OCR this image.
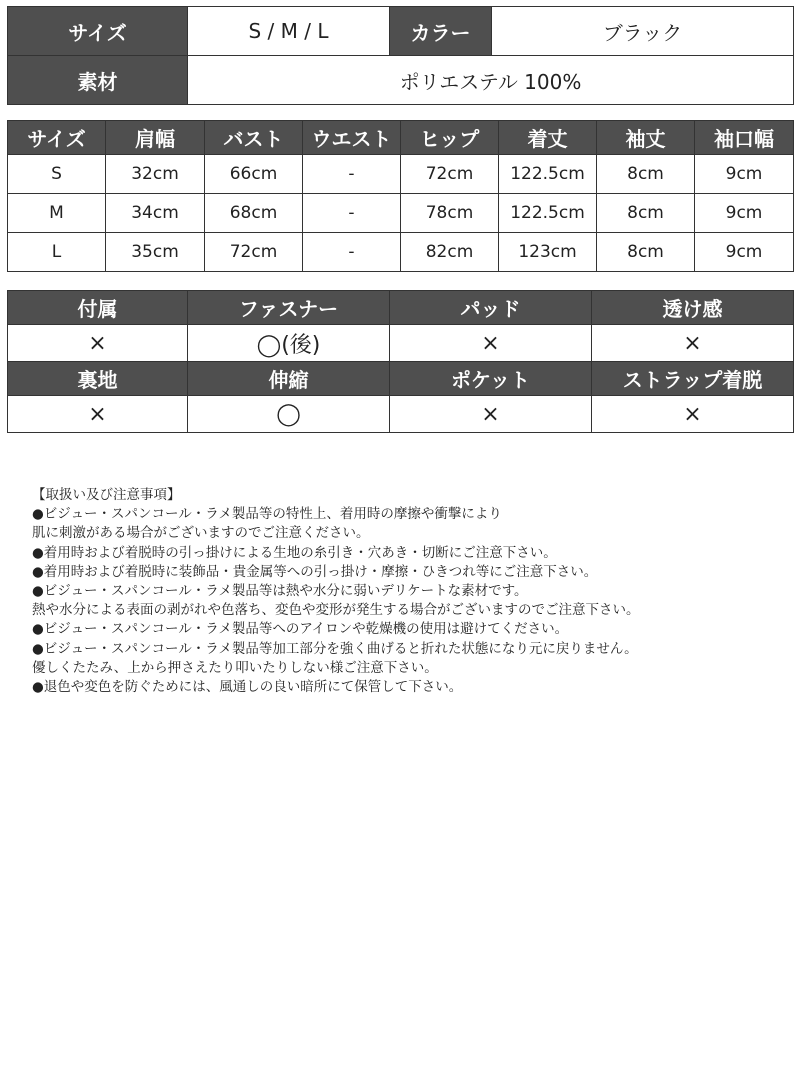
サイズ	S / M / L	カラー	ブラック
素材	ポリエステル 100%		
サイズ	肩幅	バスト	ウエスト	ヒップ	着丈	袖丈	袖口幅
S	32cm	66cm	-	72cm	122.5cm	8cm	9cm
M	34cm	68cm	-	78cm	122.5cm	8cm	9cm
L	35cm	72cm	-	82cm	123cm	8cm	9cm
付属	ファスナー	パッド	透け感
×	◯(後)	×	×
裏地	伸縮	ポケット	ストラップ着脱
×	◯	×	×
【取扱い及び注意事項】
●ビジュー・スパンコール・ラメ製品等の特性上、着用時の摩擦や衝撃により
肌に刺激がある場合がございますのでご注意ください。
●着用時および着脱時の引っ掛けによる生地の糸引き・穴あき・切断にご注意下さい。
●着用時および着脱時に装飾品・貴金属等への引っ掛け・摩擦・ひきつれ等にご注意下さい。
●ビジュー・スパンコール・ラメ製品等は熱や水分に弱いデリケートな素材です。
熱や水分による表面の剥がれや色落ち、変色や変形が発生する場合がございますのでご注意下さい。
●ビジュー・スパンコール・ラメ製品等へのアイロンや乾燥機の使用は避けてください。
●ビジュー・スパンコール・ラメ製品等加工部分を強く曲げると折れた状態になり元に戻りません。
優しくたたみ、上から押さえたり叩いたりしない様ご注意下さい。
●退色や変色を防ぐためには、風通しの良い暗所にて保管して下さい。
